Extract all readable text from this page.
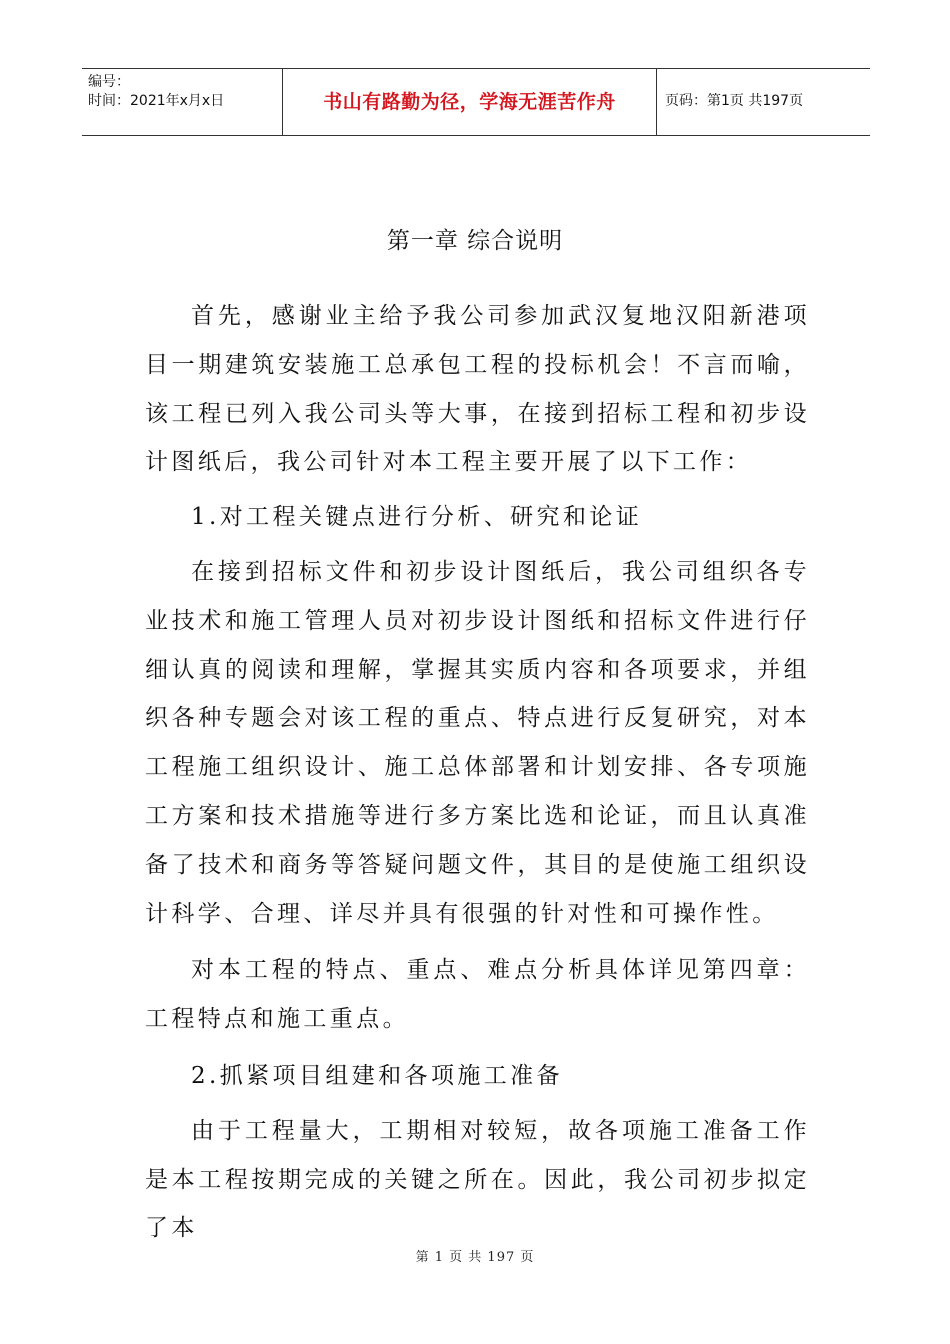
编号：
时间：2021年x月x日	书山有路勤为径，学海无涯苦作舟	页码：第1页 共197页
第一章 综合说明

首先，感谢业主给予我公司参加武汉复地汉阳新港项目一期建筑安装施工总承包工程的投标机会！不言而喻，该工程已列入我公司头等大事，在接到招标工程和初步设计图纸后，我公司针对本工程主要开展了以下工作：

1.对工程关键点进行分析、研究和论证

在接到招标文件和初步设计图纸后，我公司组织各专业技术和施工管理人员对初步设计图纸和招标文件进行仔细认真的阅读和理解，掌握其实质内容和各项要求，并组织各种专题会对该工程的重点、特点进行反复研究，对本工程施工组织设计、施工总体部署和计划安排、各专项施工方案和技术措施等进行多方案比选和论证，而且认真准备了技术和商务等答疑问题文件，其目的是使施工组织设计科学、合理、详尽并具有很强的针对性和可操作性。

对本工程的特点、重点、难点分析具体详见第四章：工程特点和施工重点。

2.抓紧项目组建和各项施工准备

由于工程量大，工期相对较短，故各项施工准备工作是本工程按期完成的关键之所在。因此，我公司初步拟定了本

第 1 页 共 197 页
